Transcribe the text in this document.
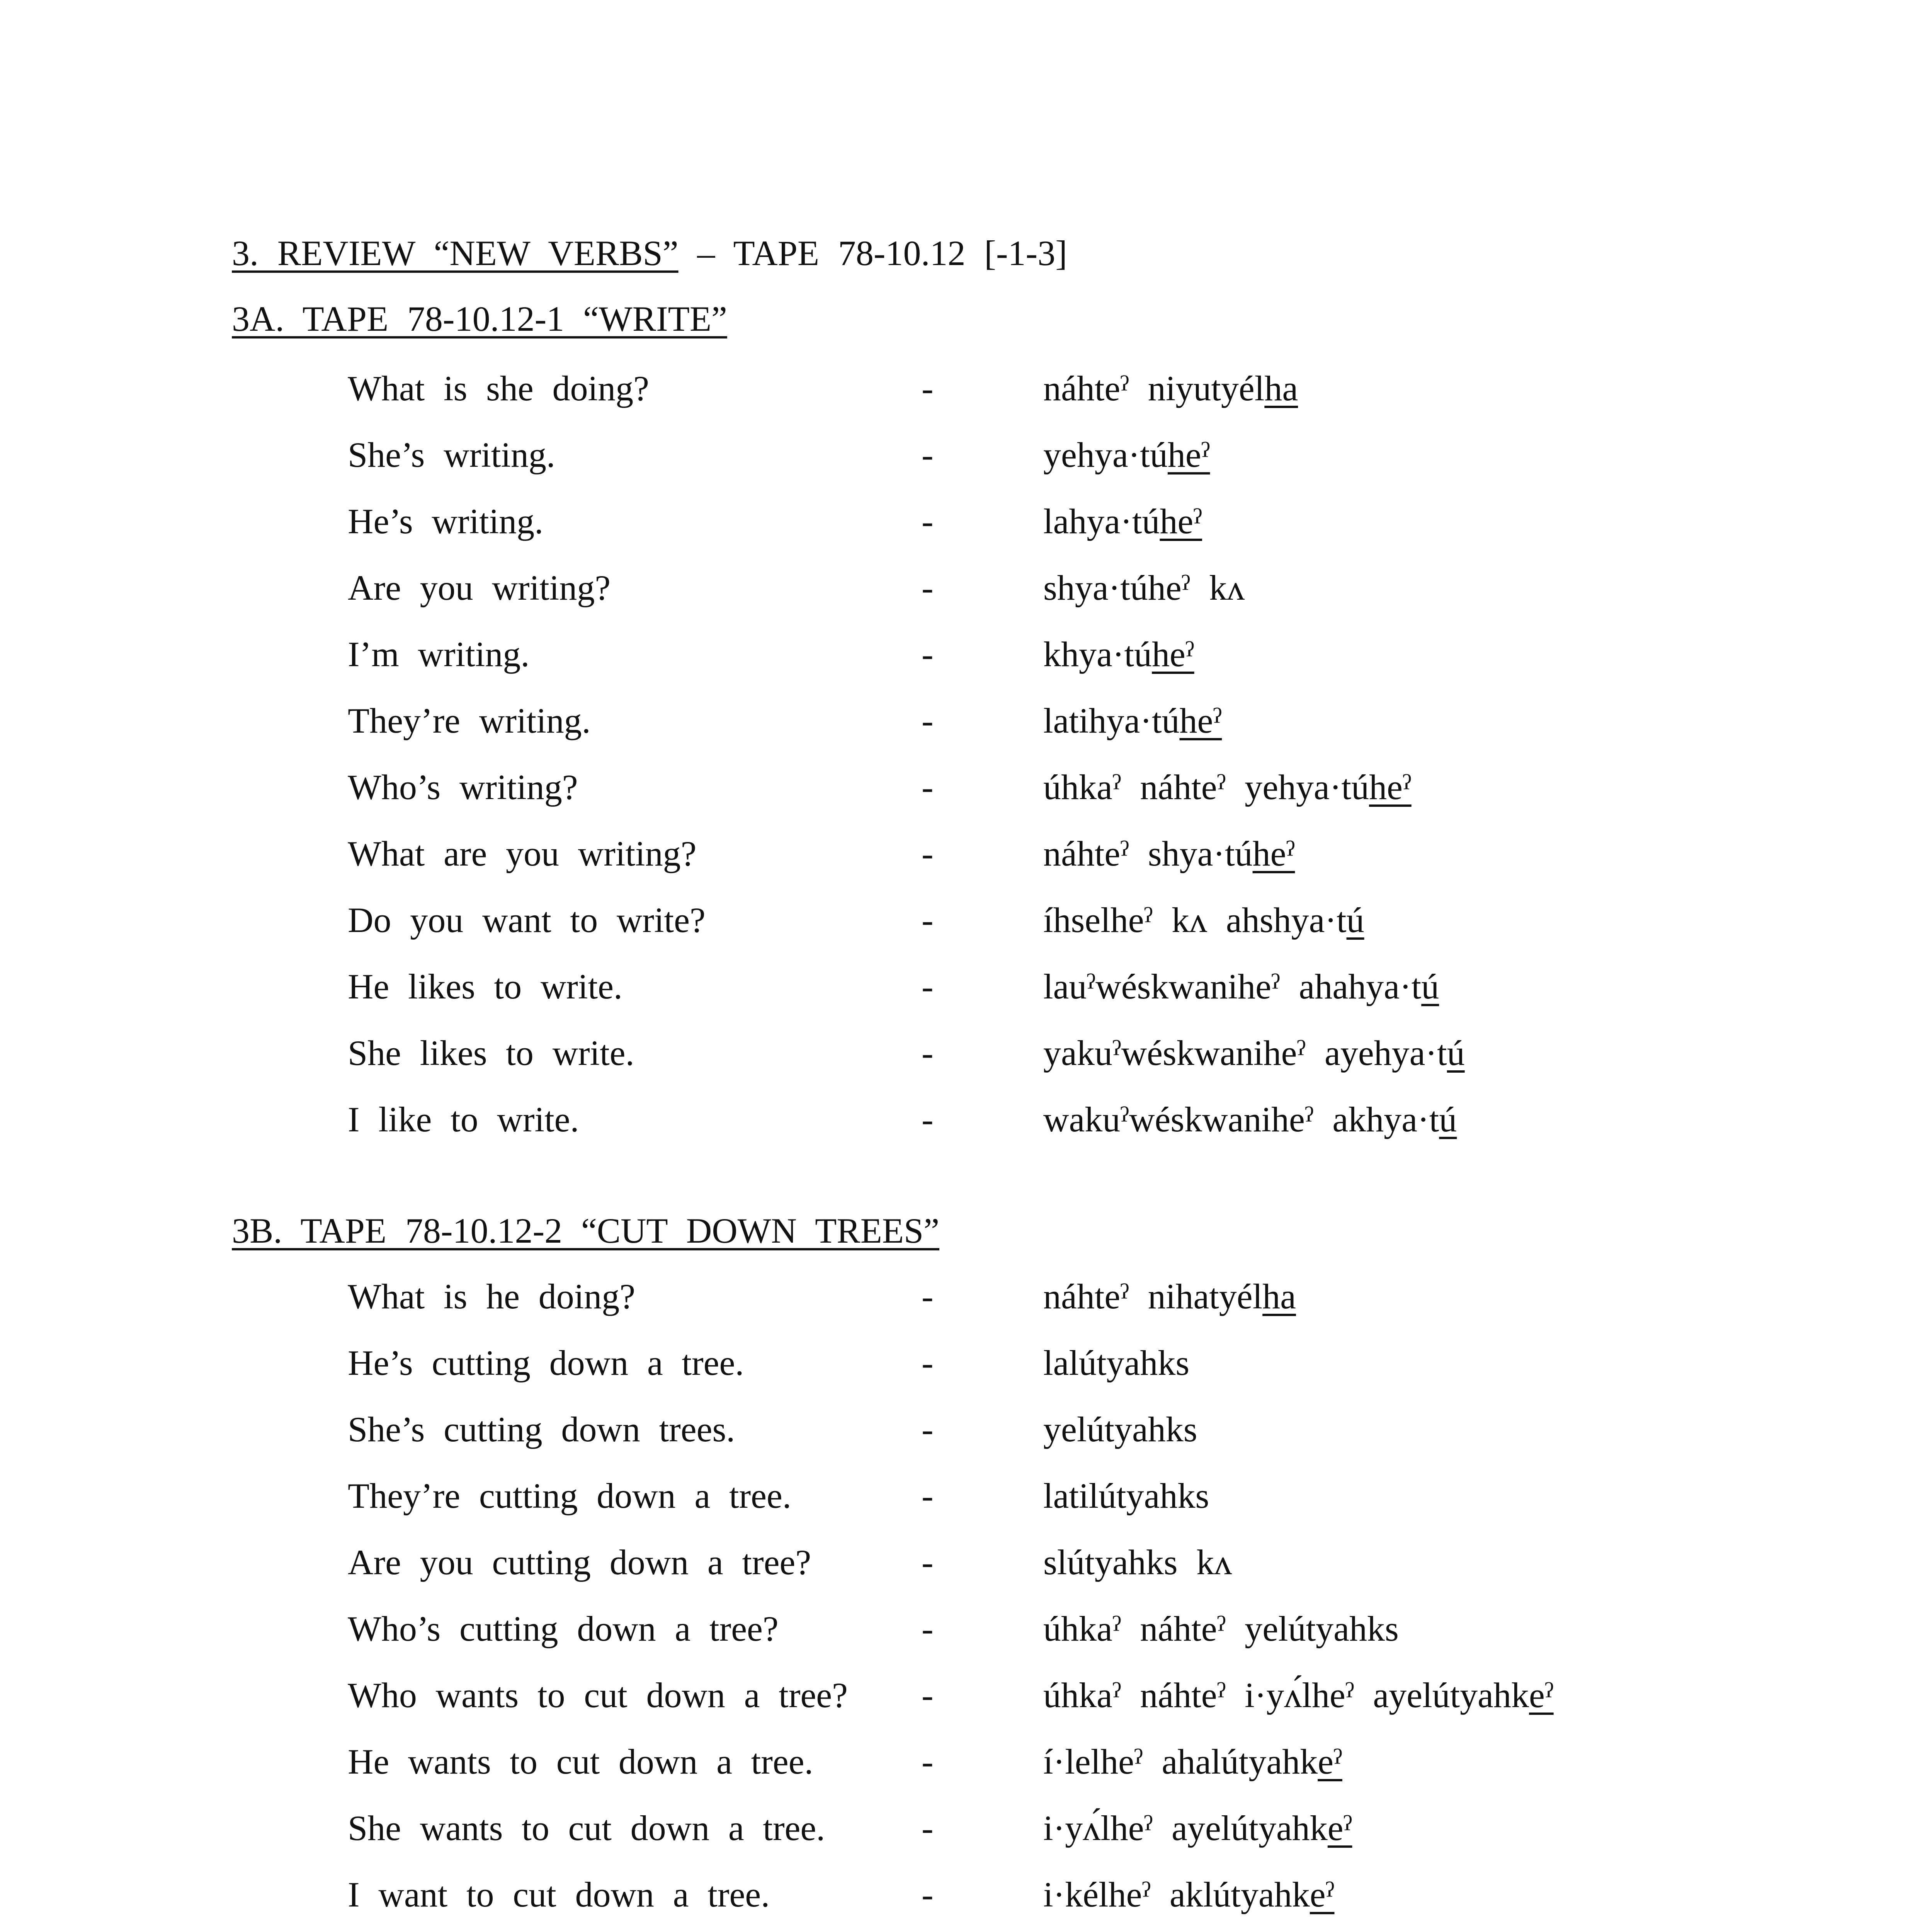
3. REVIEW “NEW VERBS” – TAPE 78-10.12 [-1-3]
3A. TAPE 78-10.12-1 “WRITE”
What is she doing?	-	náhteˀ niyutyélha
She’s writing.	-	yehya·túheˀ
He’s writing.	-	lahya·túheˀ
Are you writing?	-	shya·túheˀ kʌ
I’m writing.	-	khya·túheˀ
They’re writing.	-	latihya·túheˀ
Who’s writing?	-	úhkaˀ náhteˀ yehya·túheˀ
What are you writing?	-	náhteˀ shya·túheˀ
Do you want to write?	-	íhselheˀ kʌ ahshya·tú
He likes to write.	-	lauˀwéskwaniheˀ ahahya·tú
She likes to write.	-	yakuˀwéskwaniheˀ ayehya·tú
I like to write.	-	wakuˀwéskwaniheˀ akhya·tú
3B. TAPE 78-10.12-2 “CUT DOWN TREES”
What is he doing?	-	náhteˀ nihatyélha
He’s cutting down a tree.	-	lalútyahks
She’s cutting down trees.	-	yelútyahks
They’re cutting down a tree.	-	latilútyahks
Are you cutting down a tree?	-	slútyahks kʌ
Who’s cutting down a tree?	-	úhkaˀ náhteˀ yelútyahks
Who wants to cut down a tree? -	úhkaˀ náhteˀ i·yʌ́lheˀ ayelútyahkeˀ
He wants to cut down a tree.	-	í·lelheˀ ahalútyahkeˀ
She wants to cut down a tree.	-	i·yʌ́lheˀ ayelútyahkeˀ
I want to cut down a tree.	-	i·kélheˀ aklútyahkeˀ
